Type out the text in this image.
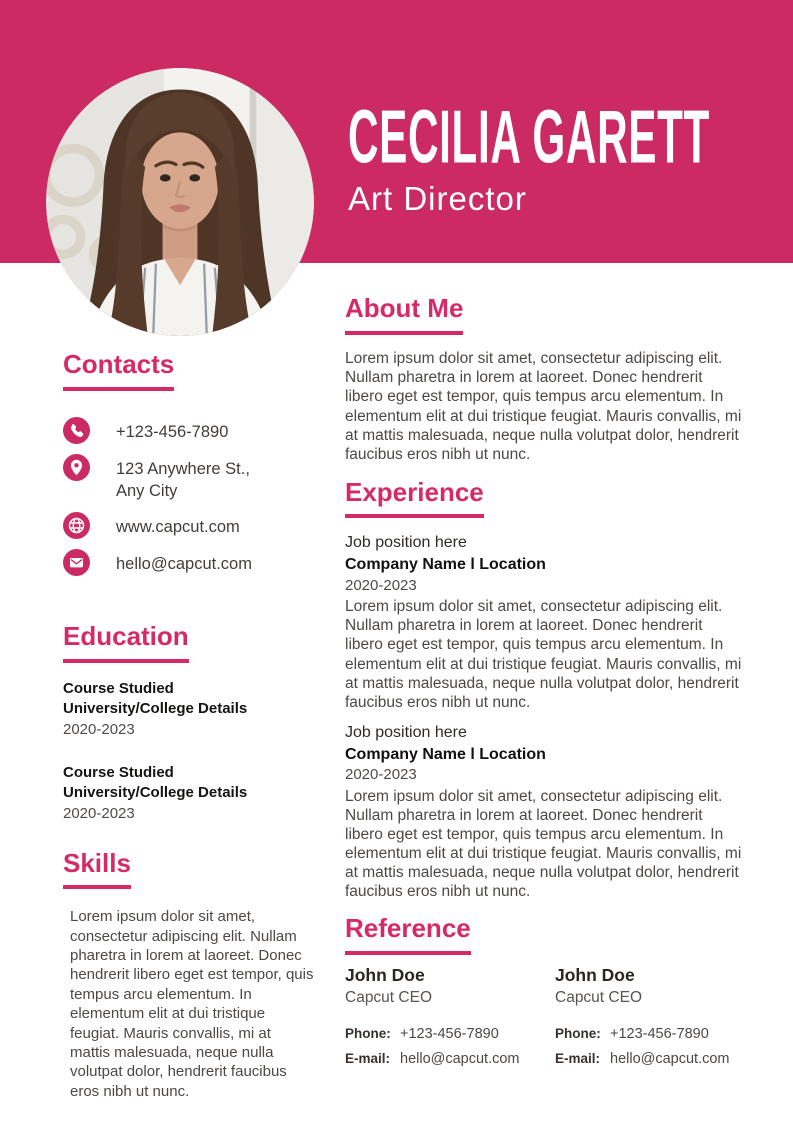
CECILIA GARETT
Art Director
Contacts
+123-456-7890
123 Anywhere St.,
Any City
www.capcut.com
hello@capcut.com
Education
Course Studied
University/College Details
2020-2023
Course Studied
University/College Details
2020-2023
Skills
Lorem ipsum dolor sit amet, consectetur adipiscing elit. Nullam pharetra in lorem at laoreet. Donec hendrerit libero eget est tempor, quis tempus arcu elementum. In elementum elit at dui tristique feugiat. Mauris convallis, mi at mattis malesuada, neque nulla volutpat dolor, hendrerit faucibus eros nibh ut nunc.
About Me
Lorem ipsum dolor sit amet, consectetur adipiscing elit. Nullam pharetra in lorem at laoreet. Donec hendrerit libero eget est tempor, quis tempus arcu elementum. In elementum elit at dui tristique feugiat. Mauris convallis, mi at mattis malesuada, neque nulla volutpat dolor, hendrerit faucibus eros nibh ut nunc.
Experience
Job position here
Company Name l Location
2020-2023
Lorem ipsum dolor sit amet, consectetur adipiscing elit. Nullam pharetra in lorem at laoreet. Donec hendrerit libero eget est tempor, quis tempus arcu elementum. In elementum elit at dui tristique feugiat. Mauris convallis, mi at mattis malesuada, neque nulla volutpat dolor, hendrerit faucibus eros nibh ut nunc.
Job position here
Company Name l Location
2020-2023
Lorem ipsum dolor sit amet, consectetur adipiscing elit. Nullam pharetra in lorem at laoreet. Donec hendrerit libero eget est tempor, quis tempus arcu elementum. In elementum elit at dui tristique feugiat. Mauris convallis, mi at mattis malesuada, neque nulla volutpat dolor, hendrerit faucibus eros nibh ut nunc.
Reference
John Doe
Capcut CEO
Phone: +123-456-7890
E-mail: hello@capcut.com
John Doe
Capcut CEO
Phone: +123-456-7890
E-mail: hello@capcut.com
